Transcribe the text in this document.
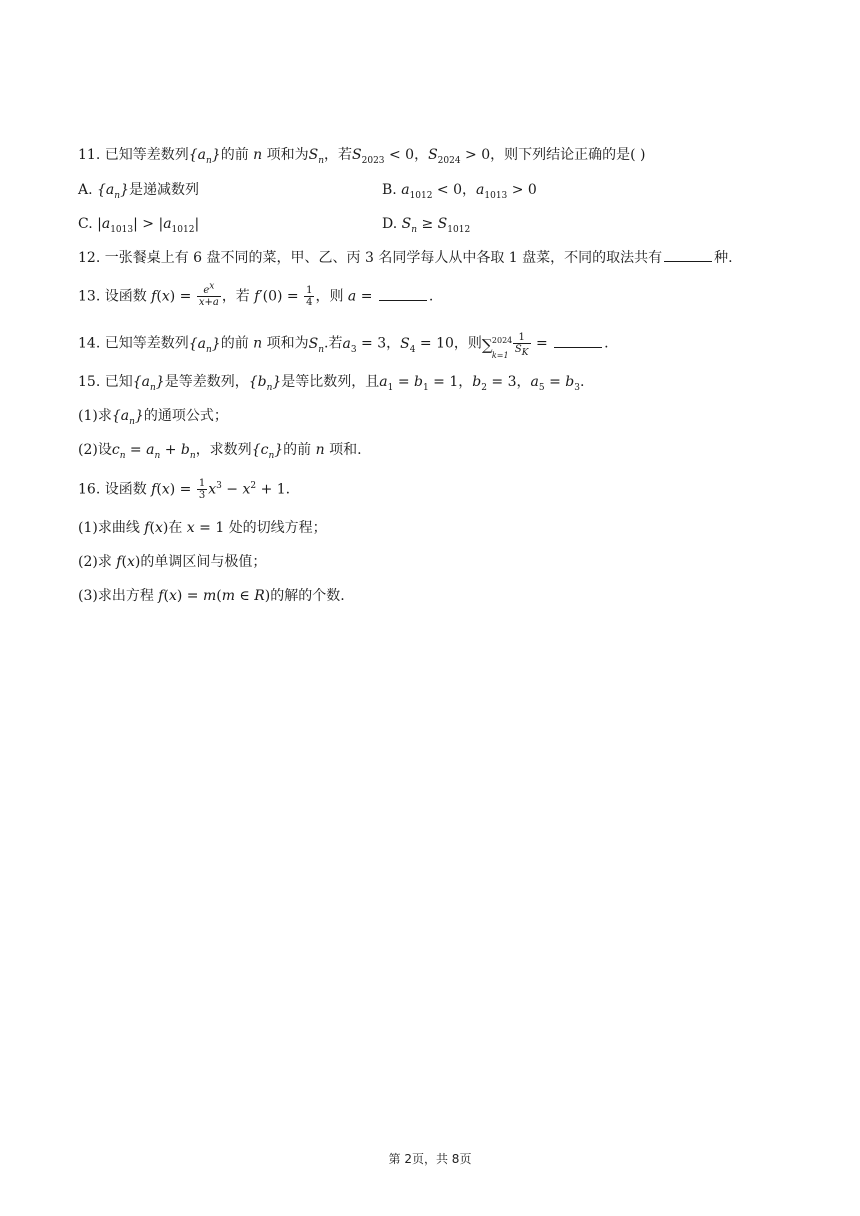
11. 已知等差数列$\{a_n\}$的前 n 项和为$S_n$，若$S_{2023} < 0$，$S_{2024} > 0$，则下列结论正确的是( )
A. $\{a_n\}$是递减数列	B. $a_{1012} < 0$，$a_{1013} > 0$
C. $|a_{1013}| > |a_{1012}|$	D. $S_n \ge S_{1012}$
12. 一张餐桌上有 6 盘不同的菜，甲、乙、丙 3 名同学每人从中各取 1 盘菜，不同的取法共有	种.
13. 设函数 $f(x) = \frac{e^x}{x+a}$ ，若 $f'(0) = \frac{1}{4}$ ，则 a =	.
14. 已知等差数列$\{a_n\}$的前 n 项和为$S_n$.若$a_3 = 3$，$S_4 = 10$，则 ∑ 2024
$k=1 \frac{1}{S_K}$ =	.
15. 已知$\{a_n\}$是等差数列，$\{b_n\}$是等比数列，且$a_1 = b_1 = 1$，$b_2 = 3$，$a_5 = b_3$.
(1)求$\{a_n\}$的通项公式；
(2)设$c_n = a_n + b_n$，求数列$\{c_n\}$的前 n 项和.
16. 设函数 $f(x) = \frac{1}{3} x^3 - x^2 + 1$.
(1)求曲线 f(x)在 x = 1 处的切线方程；
(2)求 f(x)的单调区间与极值；
(3)求出方程 f(x) = m(m ∈ R)的解的个数.
第 2页，共 8页
